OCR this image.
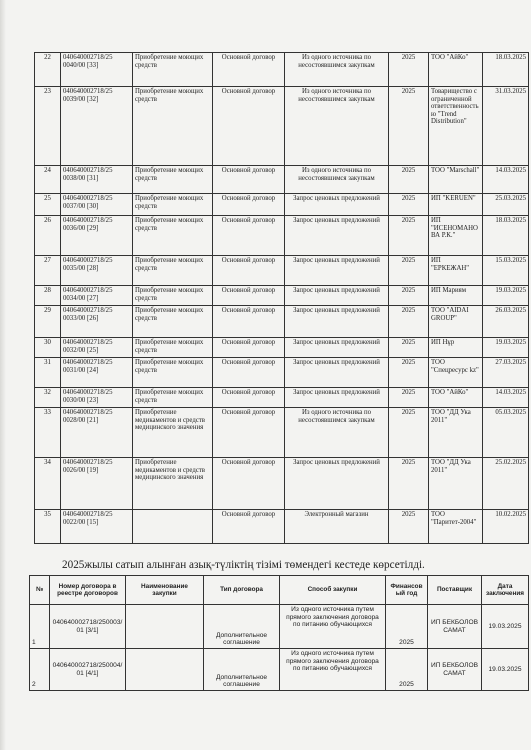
22	040640002718/25 0040/00 [33]	Приобретение моющих средств	Основной договор	Из одного источника по несостоявшимся закупкам	2025	ТОО "АйКо"	18.03.2025
23	040640002718/25 0039/00 [32]	Приобретение моющих средств	Основной договор	Из одного источника по несостоявшимся закупкам	2025	Товарищество с ограниченной ответственностью "Trend Distribution"	31.03.2025
24	040640002718/25 0038/00 [31]	Приобретение моющих средств	Основной договор	Из одного источника по несостоявшимся закупкам	2025	ТОО "Marschall"	14.03.2025
25	040640002718/25 0037/00 [30]	Приобретение моющих средств	Основной договор	Запрос ценовых предложений	2025	ИП "KERUEN"	25.03.2025
26	040640002718/25 0036/00 [29]	Приобретение моющих средств	Основной договор	Запрос ценовых предложений	2025	ИП "ИСЕНОМАНОВА Р.К."	18.03.2025
27	040640002718/25 0035/00 [28]	Приобретение моющих средств	Основной договор	Запрос ценовых предложений	2025	ИП "ЕРКЕЖАН"	15.03.2025
28	040640002718/25 0034/00 [27]	Приобретение моющих средств	Основной договор	Запрос ценовых предложений	2025	ИП Мариям	19.03.2025
29	040640002718/25 0033/00 [26]	Приобретение моющих средств	Основной договор	Запрос ценовых предложений	2025	ТОО "AIDAI GROUP"	26.03.2025
30	040640002718/25 0032/00 [25]	Приобретение моющих средств	Основной договор	Запрос ценовых предложений	2025	ИП Нұр	19.03.2025
31	040640002718/25 0031/00 [24]	Приобретение моющих средств	Основной договор	Запрос ценовых предложений	2025	ТОО "Спецресурс kz"	27.03.2025
32	040640002718/25 0030/00 [23]	Приобретение моющих средств	Основной договор	Запрос ценовых предложений	2025	ТОО "АйКо"	14.03.2025
33	040640002718/25 0028/00 [21]	Приобретение медикаментов и средств медицинского значения	Основной договор	Из одного источника по несостоявшимся закупкам	2025	ТОО "ДД Ука 2011"	05.03.2025
34	040640002718/25 0026/00 [19]	Приобретение медикаментов и средств медицинского значения	Основной договор	Запрос ценовых предложений	2025	ТОО "ДД Ука 2011"	25.02.2025
35	040640002718/25 0022/00 [15]		Основной договор	Электронный магазин	2025	ТОО "Паритет-2004"	10.02.2025
2025жылы сатып алынған азық-түліктің тізімі төмендегі кестеде көрсетілді.
№	Номер договора в реестре договоров	Наименование закупки	Тип договора	Способ закупки	Финансовый год	Поставщик	Дата заключения
1	040640002718/250003/01 [3/1]		Дополнительное соглашение	Из одного источника путем прямого заключения договора по питанию обучающихся	2025	ИП БЕКБОЛОВ САМАТ	19.03.2025
2	040640002718/250004/01 [4/1]		Дополнительное соглашение	Из одного источника путем прямого заключения договора по питанию обучающихся	2025	ИП БЕКБОЛОВ САМАТ	19.03.2025
